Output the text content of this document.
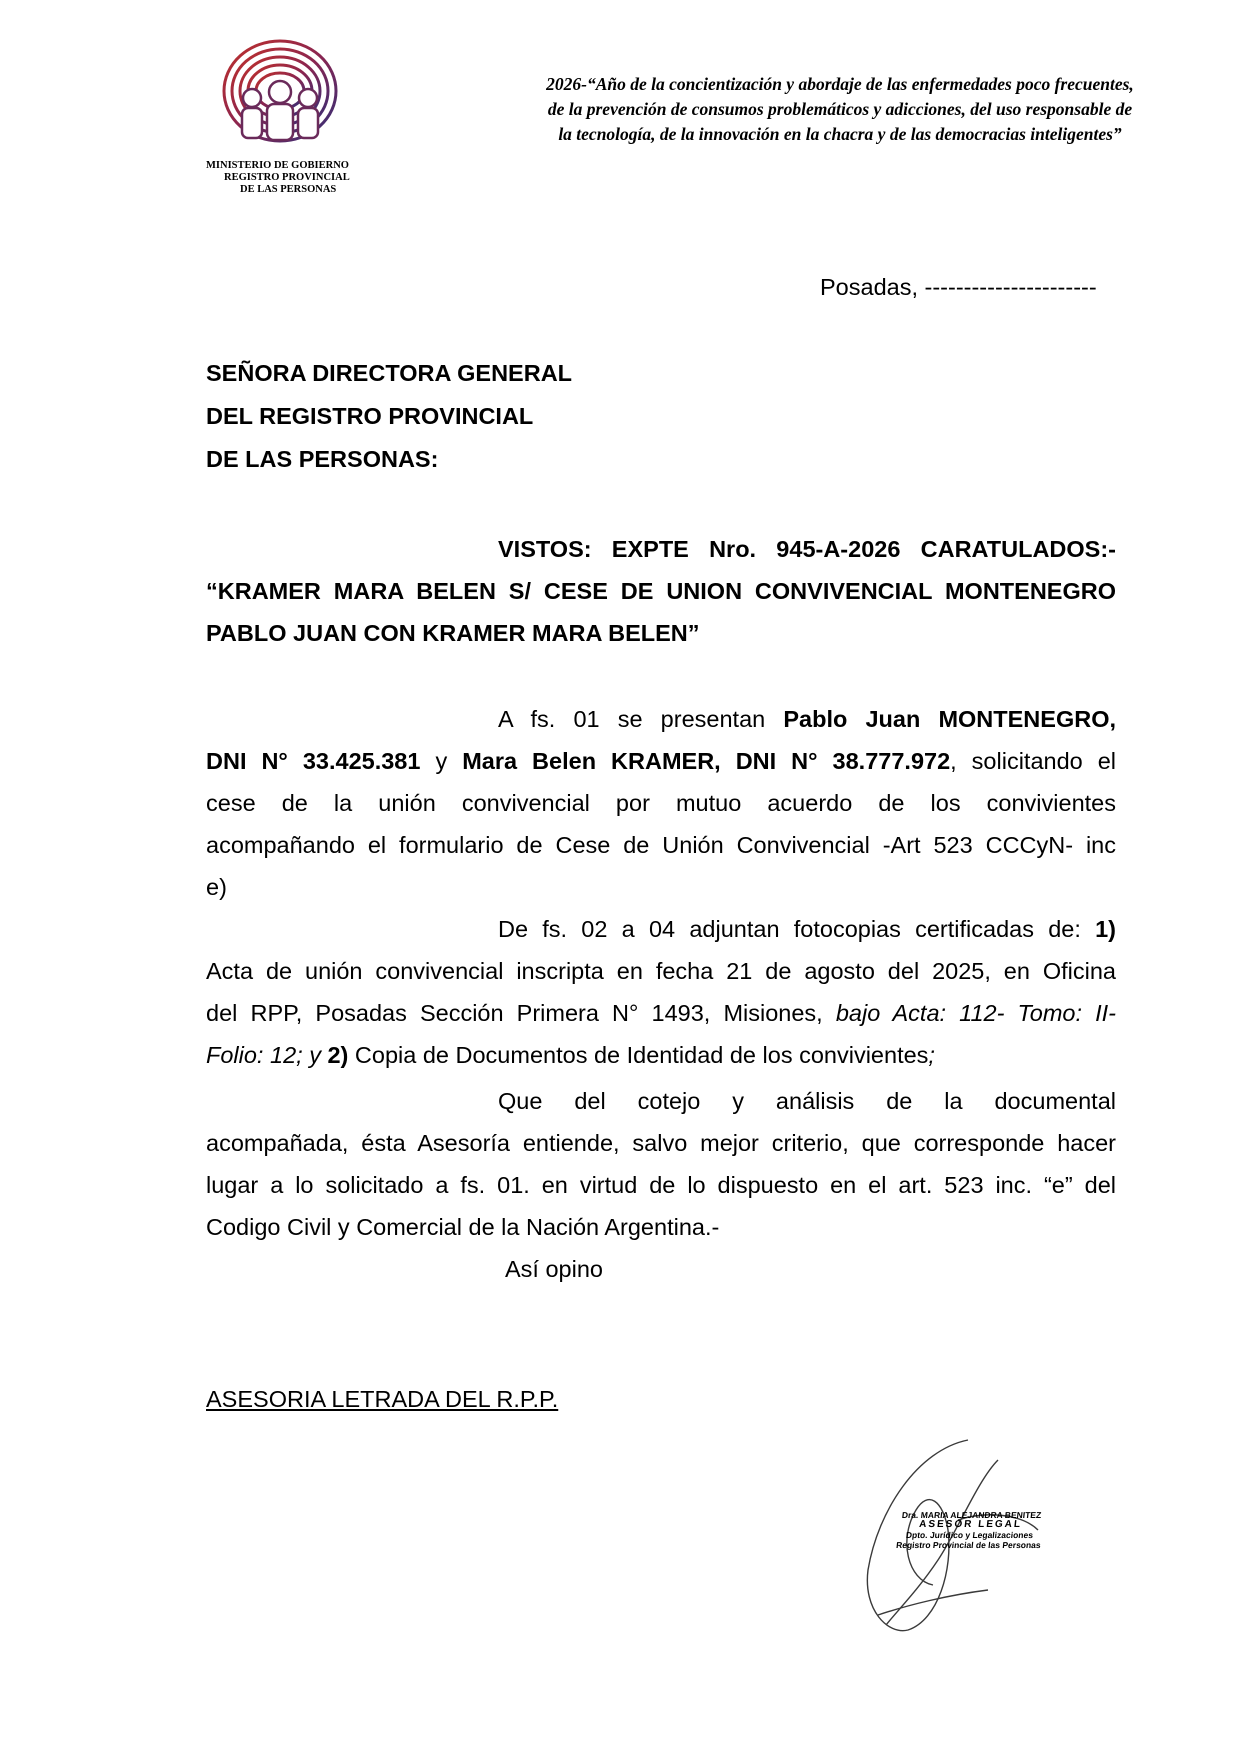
MINISTERIO DE GOBIERNO
REGISTRO PROVINCIAL
DE LAS PERSONAS
2026-“Año de la concientización y abordaje de las enfermedades poco frecuentes,
de la prevención de consumos problemáticos y adicciones, del uso responsable de
la tecnología, de la innovación en la chacra y de las democracias inteligentes”
Posadas, ----------------------
SEÑORA DIRECTORA GENERAL
DEL REGISTRO PROVINCIAL
DE LAS PERSONAS:
VISTOS: EXPTE Nro. 945-A-2026 CARATULADOS:-
“KRAMER MARA BELEN S/ CESE DE UNION CONVIVENCIAL MONTENEGRO
PABLO JUAN CON KRAMER MARA BELEN”
A fs. 01 se presentan Pablo Juan MONTENEGRO,
DNI N° 33.425.381 y Mara Belen KRAMER, DNI N° 38.777.972, solicitando el
cese de la unión convivencial por mutuo acuerdo de los convivientes
acompañando el formulario de Cese de Unión Convivencial -Art 523 CCCyN- inc
e)
De fs. 02 a 04 adjuntan fotocopias certificadas de: 1)
Acta de unión convivencial inscripta en fecha 21 de agosto del 2025, en Oficina
del RPP, Posadas Sección Primera N° 1493, Misiones, bajo Acta: 112- Tomo: II-
Folio: 12; y 2) Copia de Documentos de Identidad de los convivientes;
Que del cotejo y análisis de la documental
acompañada, ésta Asesoría entiende, salvo mejor criterio, que corresponde hacer
lugar a lo solicitado a fs. 01. en virtud de lo dispuesto en el art. 523 inc. “e” del
Codigo Civil y Comercial de la Nación Argentina.-
Así opino
ASESORIA LETRADA DEL R.P.P.
Dra. MARIA ALEJANDRA BENITEZ
ASESOR LEGAL
Dpto. Jurídico y Legalizaciones
Registro Provincial de las Personas
